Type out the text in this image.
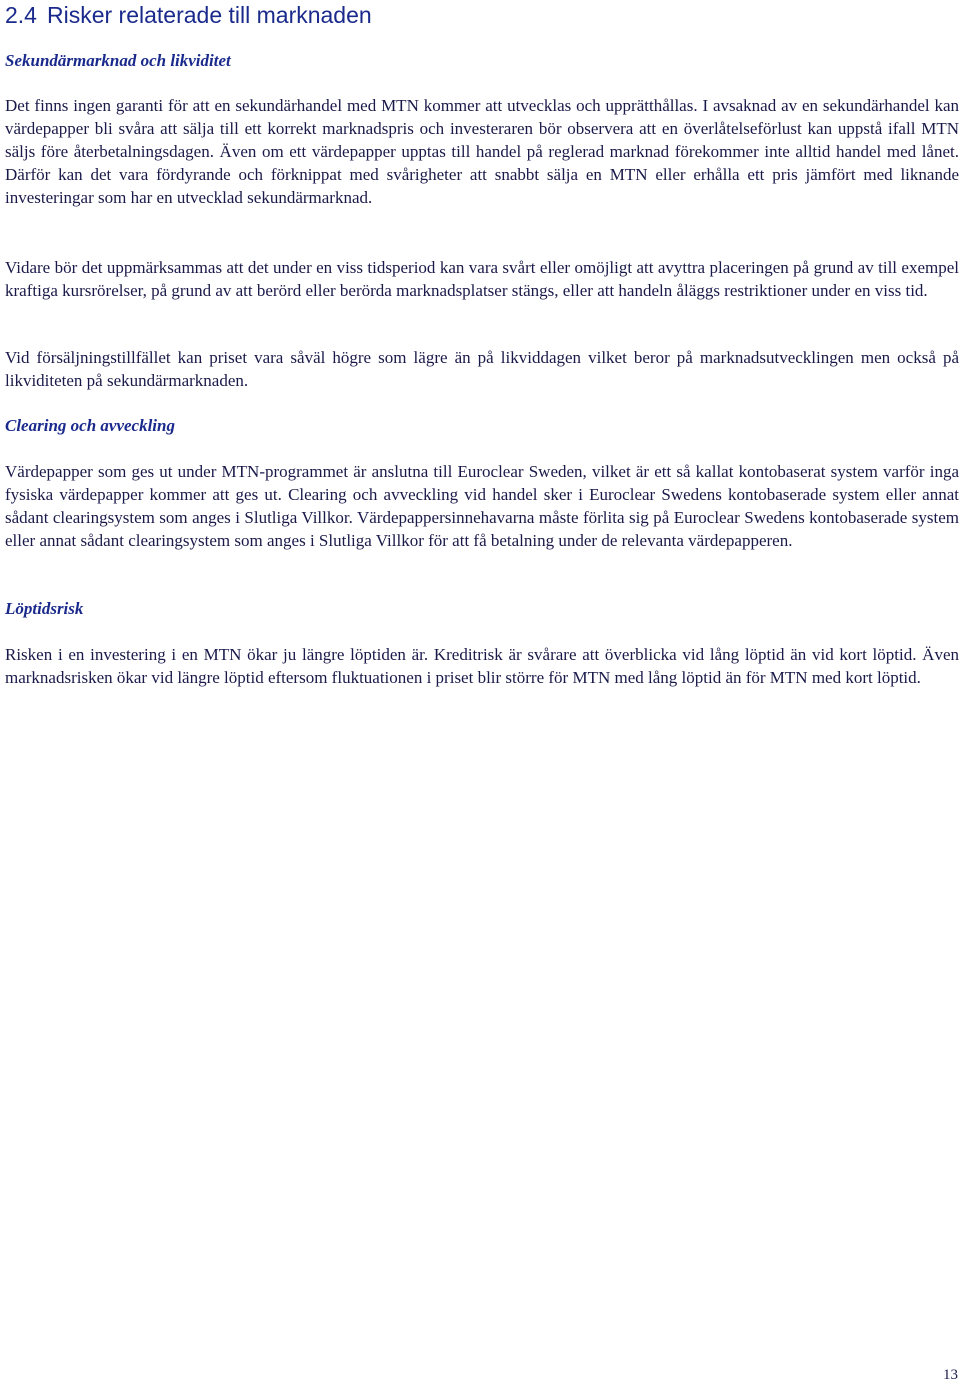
2.4 Risker relaterade till marknaden
Sekundärmarknad och likviditet

Det finns ingen garanti för att en sekundärhandel med MTN kommer att utvecklas och upprätthållas. I avsaknad av en sekundärhandel kan värdepapper bli svåra att sälja till ett korrekt marknadspris och investeraren bör observera att en överlåtelseförlust kan uppstå ifall MTN säljs före återbetalningsdagen. Även om ett värdepapper upptas till handel på reglerad marknad förekommer inte alltid handel med lånet. Därför kan det vara fördyrande och förknippat med svårigheter att snabbt sälja en MTN eller erhålla ett pris jämfört med liknande investeringar som har en utvecklad sekundärmarknad.

Vidare bör det uppmärksammas att det under en viss tidsperiod kan vara svårt eller omöjligt att avyttra placeringen på grund av till exempel kraftiga kursrörelser, på grund av att berörd eller berörda marknadsplatser stängs, eller att handeln åläggs restriktioner under en viss tid.

Vid försäljningstillfället kan priset vara såväl högre som lägre än på likviddagen vilket beror på marknadsutvecklingen men också på likviditeten på sekundärmarknaden.

Clearing och avveckling

Värdepapper som ges ut under MTN-programmet är anslutna till Euroclear Sweden, vilket är ett så kallat kontobaserat system varför inga fysiska värdepapper kommer att ges ut. Clearing och avveckling vid handel sker i Euroclear Swedens kontobaserade system eller annat sådant clearingsystem som anges i Slutliga Villkor. Värdepappersinnehavarna måste förlita sig på Euroclear Swedens kontobaserade system eller annat sådant clearingsystem som anges i Slutliga Villkor för att få betalning under de relevanta värdepapperen.

Löptidsrisk

Risken i en investering i en MTN ökar ju längre löptiden är. Kreditrisk är svårare att överblicka vid lång löptid än vid kort löptid. Även marknadsrisken ökar vid längre löptid eftersom fluktuationen i priset blir större för MTN med lång löptid än för MTN med kort löptid.

13
